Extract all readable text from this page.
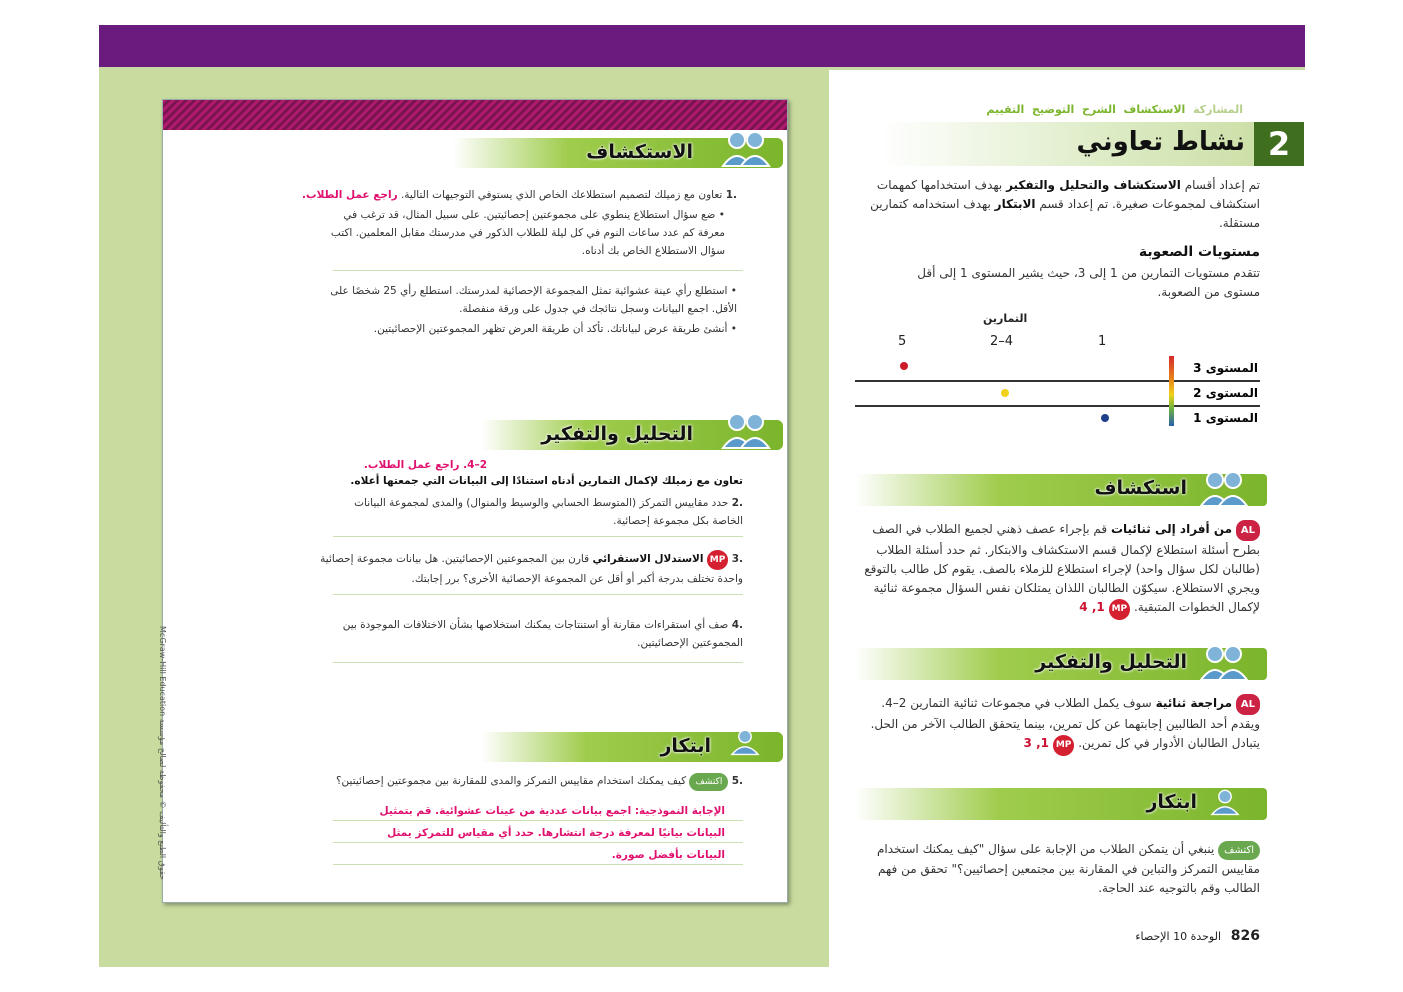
الاستكشاف
.1 تعاون مع زميلك لتصميم استطلاعك الخاص الذي يستوفي التوجيهات التالية. راجع عمل الطلاب.
• ضع سؤال استطلاع ينطوي على مجموعتين إحصائيتين. على سبيل المثال، قد ترغب في معرفة كم عدد ساعات النوم في كل ليلة للطلاب الذكور في مدرستك مقابل المعلمين. اكتب سؤال الاستطلاع الخاص بك أدناه.
• استطلع رأي عينة عشوائية تمثل المجموعة الإحصائية لمدرستك. استطلع رأي 25 شخصًا على الأقل. اجمع البيانات وسجل نتائجك في جدول على ورقة منفصلة.
• أنشئ طريقة عرض لبياناتك. تأكد أن طريقة العرض تظهر المجموعتين الإحصائيتين.
التحليل والتفكير
2–4. راجع عمل الطلاب.
تعاون مع زميلك لإكمال التمارين أدناه استنادًا إلى البيانات التي جمعتها أعلاه.
.2 حدد مقاييس التمركز (المتوسط الحسابي والوسيط والمنوال) والمدى لمجموعة البيانات الخاصة بكل مجموعة إحصائية.
.3 MP الاستدلال الاستقرائي قارن بين المجموعتين الإحصائيتين. هل بيانات مجموعة إحصائية واحدة تختلف بدرجة أكبر أو أقل عن المجموعة الإحصائية الأخرى؟ برر إجابتك.
.4 صف أي استقراءات مقارنة أو استنتاجات يمكنك استخلاصها بشأن الاختلافات الموجودة بين المجموعتين الإحصائيتين.
ابتكار
.5 اكتشف كيف يمكنك استخدام مقاييس التمركز والمدى للمقارنة بين مجموعتين إحصائيتين؟
الإجابة النموذجية: اجمع بيانات عددية من عينات عشوائية. قم بتمثيل
البيانات بيانيًا لمعرفة درجة انتشارها. حدد أي مقياس للتمركز يمثل
البيانات بأفضل صورة.
حقوق الطبع والتأليف © محفوظة لصالح مؤسسة McGraw-Hill Education
المشاركة  الاستكشاف  الشرح  التوضيح  التقييم
2
نشاط تعاوني
تم إعداد أقسام الاستكشاف والتحليل والتفكير بهدف استخدامها كمهمات استكشاف لمجموعات صغيرة. تم إعداد قسم الابتكار بهدف استخدامه كتمارين مستقلة.
مستويات الصعوبة
تتقدم مستويات التمارين من 1 إلى 3، حيث يشير المستوى 1 إلى أقل مستوى من الصعوبة.
التمارين
1
2–4
5
المستوى 3
المستوى 2
المستوى 1
استكشاف
AL من أفراد إلى ثنائيات قم بإجراء عصف ذهني لجميع الطلاب في الصف بطرح أسئلة استطلاع لإكمال قسم الاستكشاف والابتكار. ثم حدد أسئلة الطلاب (طالبان لكل سؤال واحد) لإجراء استطلاع للزملاء بالصف. يقوم كل طالب بالتوقع ويجري الاستطلاع. سيكوّن الطالبان اللذان يمتلكان نفس السؤال مجموعة ثنائية لإكمال الخطوات المتبقية. MP 1, 4
التحليل والتفكير
AL مراجعة ثنائية سوف يكمل الطلاب في مجموعات ثنائية التمارين 2–4. ويقدم أحد الطالبين إجابتهما عن كل تمرين، بينما يتحقق الطالب الآخر من الحل. يتبادل الطالبان الأدوار في كل تمرين. MP 1, 3
ابتكار
اكتشف ينبغي أن يتمكن الطلاب من الإجابة على سؤال "كيف يمكنك استخدام مقاييس التمركز والتباين في المقارنة بين مجتمعين إحصائيين؟" تحقق من فهم الطالب وقم بالتوجيه عند الحاجة.
826  الوحدة 10 الإحصاء
